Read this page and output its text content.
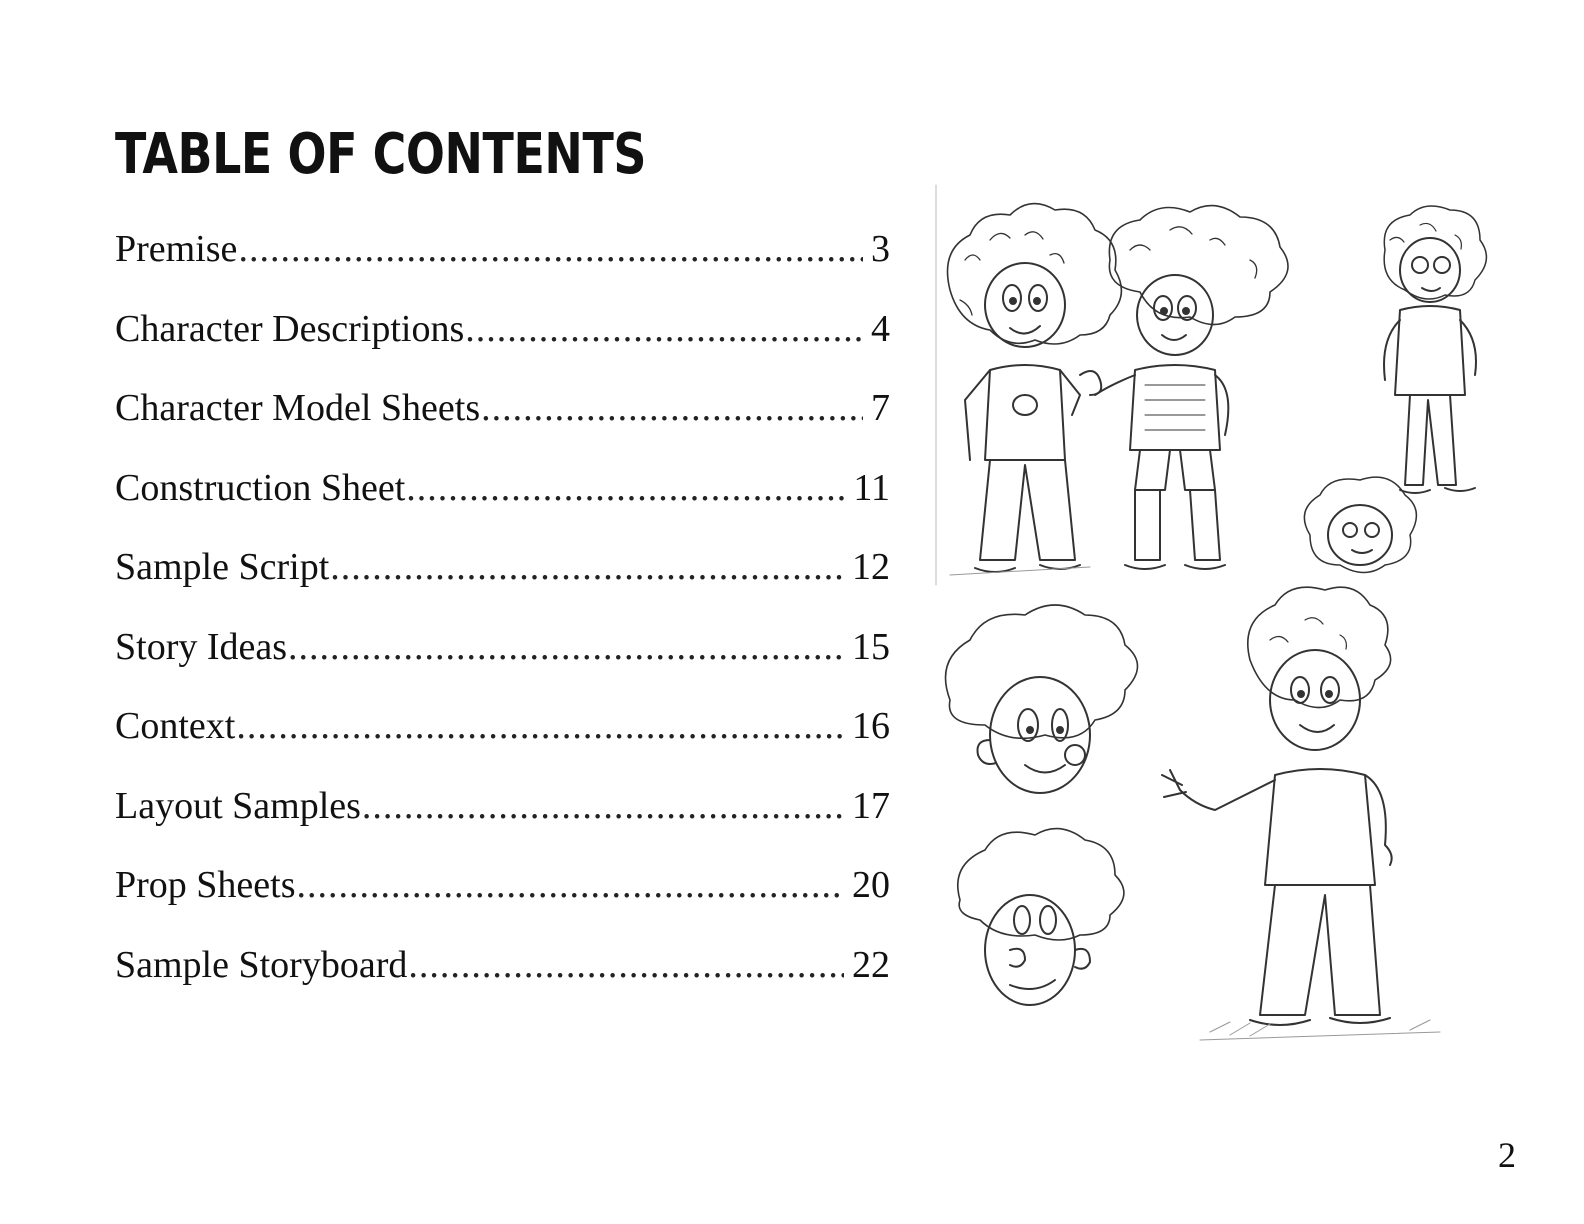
TABLE OF CONTENTS
Premise .....	3
Character Descriptions .....	4
Character Model Sheets .....	7
Construction Sheet .....	11
Sample Script .....	12
Story Ideas .....	15
Context .....	16
Layout Samples .....	17
Prop Sheets .....	20
Sample Storyboard .....	22
2
